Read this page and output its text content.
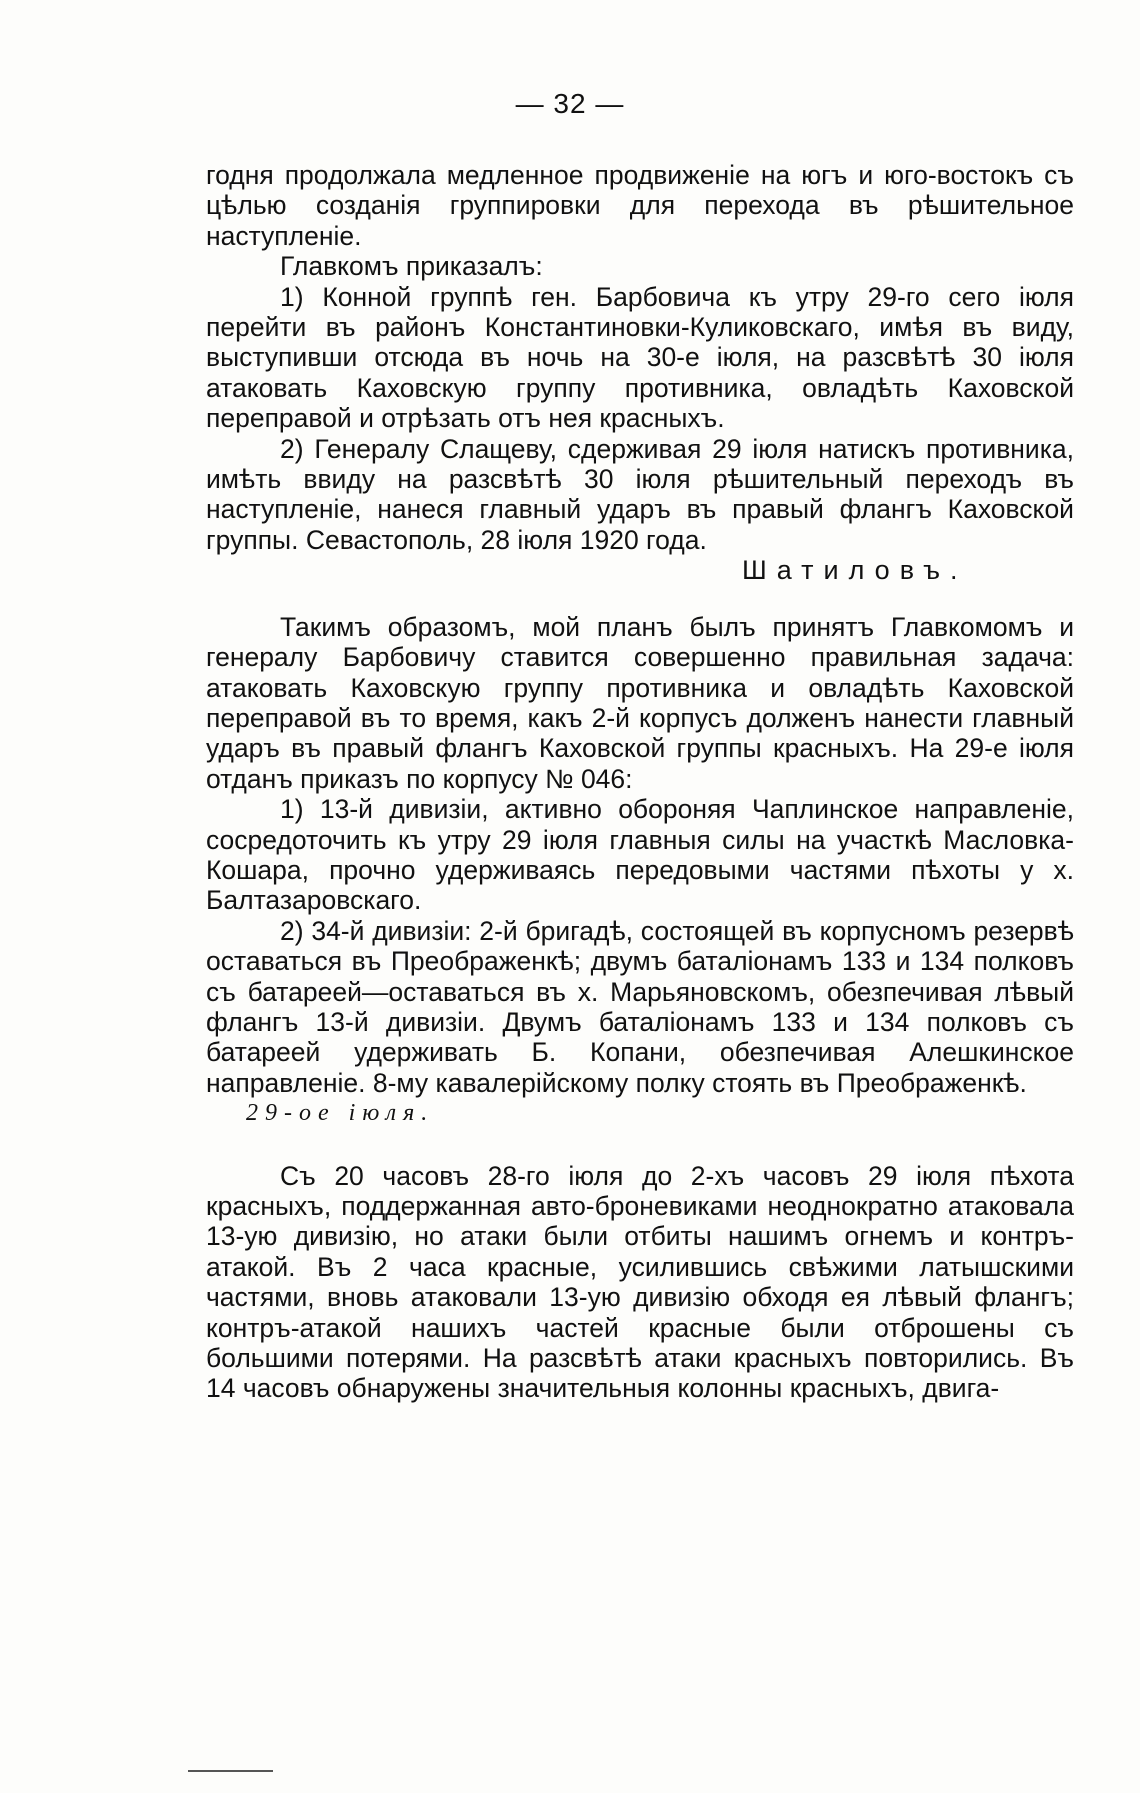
— 32 —

годня продолжала медленное продвиженіе на югъ и юго-востокъ съ цѣлью созданія группировки для перехода въ рѣшительное наступленіе.

Главкомъ приказалъ:

1) Конной группѣ ген. Барбовича къ утру 29-го сего іюля перейти въ районъ Константиновки-Куликовскаго, имѣя въ виду, выступивши отсюда въ ночь на 30-е іюля, на разсвѣтѣ 30 іюля атаковать Каховскую группу противника, овладѣть Каховской переправой и отрѣзать отъ нея красныхъ.

2) Генералу Слащеву, сдерживая 29 іюля натискъ противника, имѣть ввиду на разсвѣтѣ 30 іюля рѣшительный переходъ въ наступленіе, нанеся главный ударъ въ правый флангъ Каховской группы. Севастополь, 28 іюля 1920 года.

Шатиловъ.

Такимъ образомъ, мой планъ былъ принятъ Главкомомъ и генералу Барбовичу ставится совершенно правильная задача: атаковать Каховскую группу противника и овладѣть Каховской переправой въ то время, какъ 2-й корпусъ долженъ нанести главный ударъ въ правый флангъ Каховской группы красныхъ. На 29-е іюля отданъ приказъ по корпусу № 046:

1) 13-й дивизіи, активно обороняя Чаплинское направленіе, сосредоточить къ утру 29 іюля главныя силы на участкѣ Масловка-Кошара, прочно удерживаясь передовыми частями пѣхоты у х. Балтазаровскаго.

2) 34-й дивизіи: 2-й бригадѣ, состоящей въ корпусномъ резервѣ оставаться въ Преображенкѣ; двумъ баталіонамъ 133 и 134 полковъ съ батареей—оставаться въ х. Марьяновскомъ, обезпечивая лѣвый флангъ 13-й дивизіи. Двумъ баталіонамъ 133 и 134 полковъ съ батареей удерживать Б. Копани, обезпечивая Алешкинское направленіе. 8-му кавалерійскому полку стоять въ Преображенкѣ.

29-ое іюля.

Съ 20 часовъ 28-го іюля до 2-хъ часовъ 29 іюля пѣхота красныхъ, поддержанная авто-броневиками неоднократно атаковала 13-ую дивизію, но атаки были отбиты нашимъ огнемъ и контръ-атакой. Въ 2 часа красные, усилившись свѣжими латышскими частями, вновь атаковали 13-ую дивизію обходя ея лѣвый флангъ; контръ-атакой нашихъ частей красные были отброшены съ большими потерями. На разсвѣтѣ атаки красныхъ повторились. Въ 14 часовъ обнаружены значительныя колонны красныхъ, двига-
